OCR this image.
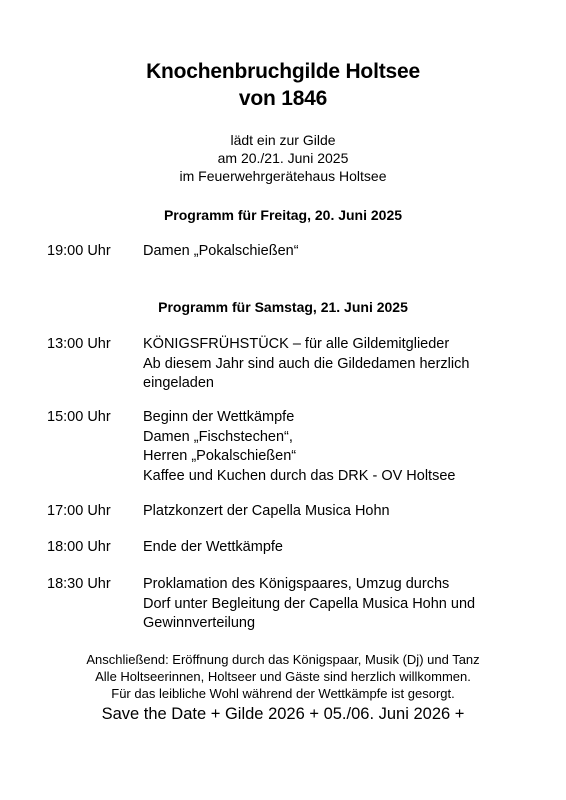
Knochenbruchgilde Holtsee
von 1846
lädt ein zur Gilde
am 20./21. Juni 2025
im Feuerwehrgerätehaus Holtsee
Programm für Freitag, 20. Juni 2025
19:00 Uhr	Damen „Pokalschießen“
Programm für Samstag, 21. Juni 2025
13:00 Uhr	KÖNIGSFRÜHSTÜCK – für alle Gildemitglieder
Ab diesem Jahr sind auch die Gildedamen herzlich
eingeladen
15:00 Uhr	Beginn der Wettkämpfe
Damen „Fischstechen“,
Herren „Pokalschießen“
Kaffee und Kuchen durch das DRK - OV Holtsee
17:00 Uhr	Platzkonzert der Capella Musica Hohn
18:00 Uhr	Ende der Wettkämpfe
18:30 Uhr	Proklamation des Königspaares, Umzug durchs
Dorf unter Begleitung der Capella Musica Hohn und
Gewinnverteilung
Anschließend: Eröffnung durch das Königspaar, Musik (Dj) und Tanz
Alle Holtseerinnen, Holtseer und Gäste sind herzlich willkommen.
Für das leibliche Wohl während der Wettkämpfe ist gesorgt.
Save the Date + Gilde 2026 + 05./06. Juni 2026 +
